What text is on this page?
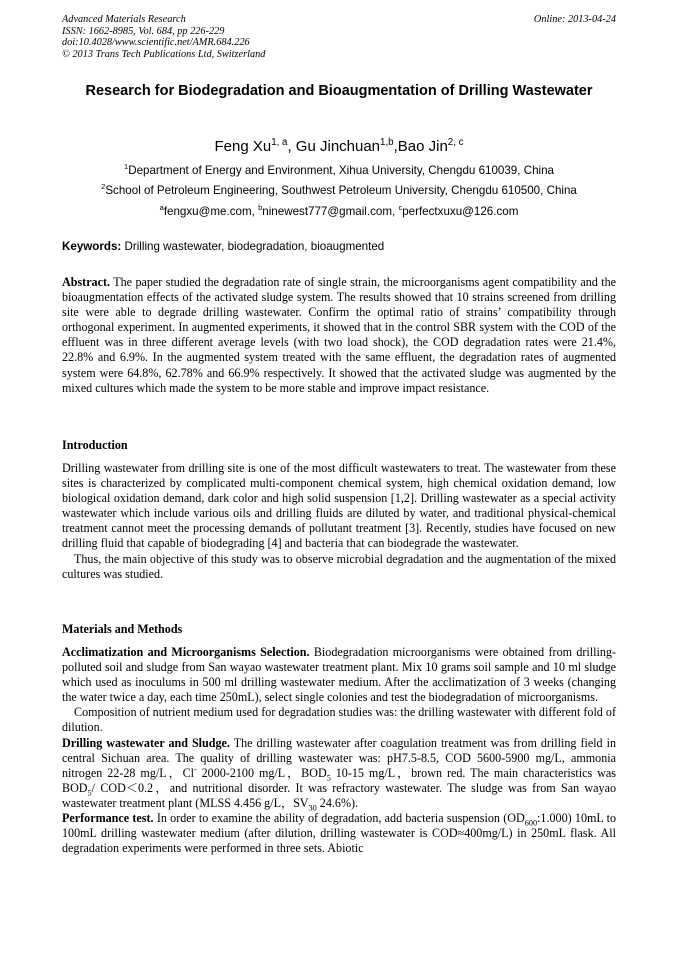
Advanced Materials Research
ISSN: 1662-8985, Vol. 684, pp 226-229
doi:10.4028/www.scientific.net/AMR.684.226
© 2013 Trans Tech Publications Ltd, Switzerland
Online: 2013-04-24
Research for Biodegradation and Bioaugmentation of Drilling Wastewater
Feng Xu$^{1, a}$, Gu Jinchuan$^{1,b}$,Bao Jin$^{2, c}$
$^1$Department of Energy and Environment, Xihua University, Chengdu 610039, China
$^2$School of Petroleum Engineering, Southwest Petroleum University, Chengdu 610500, China
$^a$fengxu@me.com, $^b$ninewest777@gmail.com, $^c$perfectxuxu@126.com
Keywords: Drilling wastewater, biodegradation, bioaugmented
Abstract. The paper studied the degradation rate of single strain, the microorganisms agent compatibility and the bioaugmentation effects of the activated sludge system. The results showed that 10 strains screened from drilling site were able to degrade drilling wastewater. Confirm the optimal ratio of strains’ compatibility through orthogonal experiment. In augmented experiments, it showed that in the control SBR system with the COD of the effluent was in three different average levels (with two load shock), the COD degradation rates were 21.4%, 22.8% and 6.9%. In the augmented system treated with the same effluent, the degradation rates of augmented system were 64.8%, 62.78% and 66.9% respectively. It showed that the activated sludge was augmented by the mixed cultures which made the system to be more stable and improve impact resistance.
Introduction

Drilling wastewater from drilling site is one of the most difficult wastewaters to treat. The wastewater from these sites is characterized by complicated multi-component chemical system, high chemical oxidation demand, low biological oxidation demand, dark color and high solid suspension [1,2]. Drilling wastewater as a special activity wastewater which include various oils and drilling fluids are diluted by water, and traditional physical-chemical treatment cannot meet the processing demands of pollutant treatment [3]. Recently, studies have focused on new drilling fluid that capable of biodegrading [4] and bacteria that can biodegrade the wastewater.

Thus, the main objective of this study was to observe microbial degradation and the augmentation of the mixed cultures was studied.

Materials and Methods

Acclimatization and Microorganisms Selection. Biodegradation microorganisms were obtained from drilling-polluted soil and sludge from San wayao wastewater treatment plant. Mix 10 grams soil sample and 10 ml sludge which used as inoculums in 500 ml drilling wastewater medium. After the acclimatization of 3 weeks (changing the water twice a day, each time 250mL), select single colonies and test the biodegradation of microorganisms.

Composition of nutrient medium used for degradation studies was: the drilling wastewater with different fold of dilution.

Drilling wastewater and Sludge. The drilling wastewater after coagulation treatment was from drilling field in central Sichuan area. The quality of drilling wastewater was: pH7.5-8.5, COD 5600-5900 mg/L, ammonia nitrogen 22-28 mg/L，Cl- 2000-2100 mg/L，$BOD_5$ 10-15 mg/L，brown red. The main characteristics was $BOD_5/$ COD＜0.2，and nutritional disorder. It was refractory wastewater. The sludge was from San wayao wastewater treatment plant (MLSS 4.456 g/L，$SV_{30}$ 24.6%).

Performance test. In order to examine the ability of degradation, add bacteria suspension $(OD_{600}:1.000)$ 10mL to 100mL drilling wastewater medium (after dilution, drilling wastewater is COD≈400mg/L) in 250mL flask. All degradation experiments were performed in three sets. Abiotic
